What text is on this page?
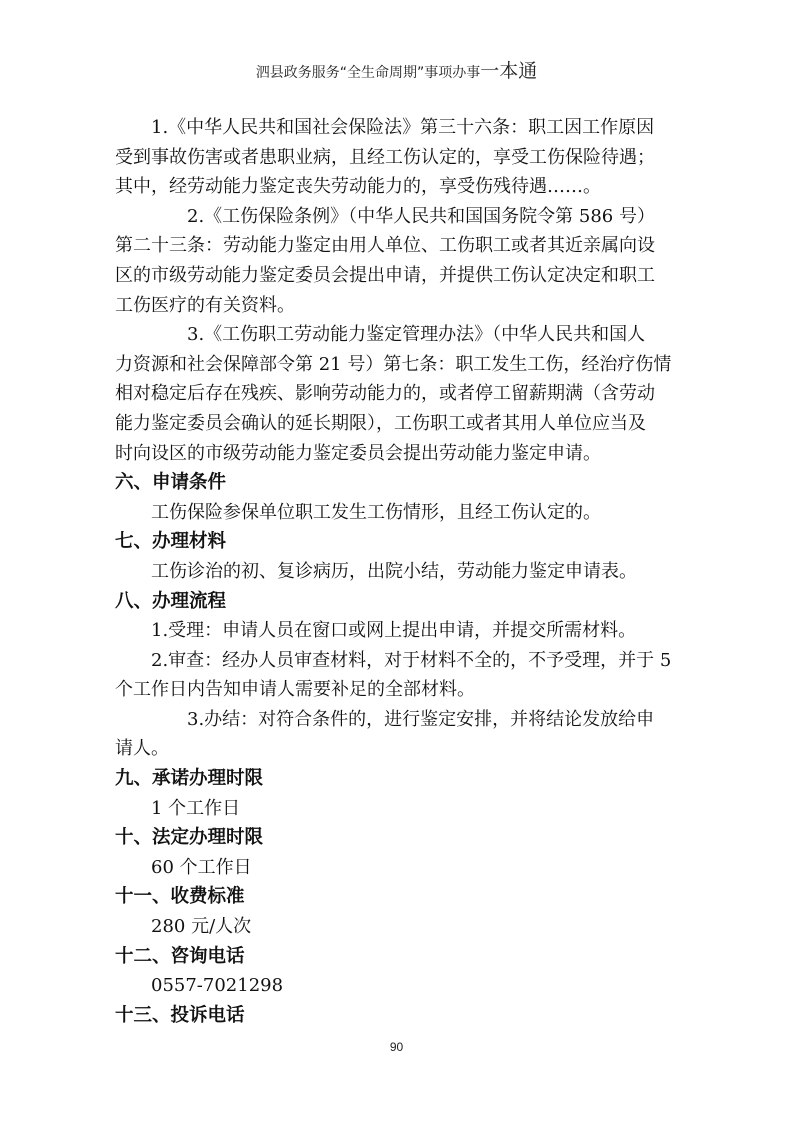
泗县政务服务“全生命周期”事项办事一本通
1.《中华人民共和国社会保险法》第三十六条：职工因工作原因
受到事故伤害或者患职业病，且经工伤认定的，享受工伤保险待遇；
其中，经劳动能力鉴定丧失劳动能力的，享受伤残待遇……。
2.《工伤保险条例》（中华人民共和国国务院令第 586 号）
第二十三条：劳动能力鉴定由用人单位、工伤职工或者其近亲属向设
区的市级劳动能力鉴定委员会提出申请，并提供工伤认定决定和职工
工伤医疗的有关资料。
3.《工伤职工劳动能力鉴定管理办法》（中华人民共和国人
力资源和社会保障部令第 21 号）第七条：职工发生工伤，经治疗伤情
相对稳定后存在残疾、影响劳动能力的，或者停工留薪期满（含劳动
能力鉴定委员会确认的延长期限），工伤职工或者其用人单位应当及
时向设区的市级劳动能力鉴定委员会提出劳动能力鉴定申请。
六、申请条件
工伤保险参保单位职工发生工伤情形，且经工伤认定的。
七、办理材料
工伤诊治的初、复诊病历，出院小结，劳动能力鉴定申请表。
八、办理流程
1.受理：申请人员在窗口或网上提出申请，并提交所需材料。
2.审查：经办人员审查材料，对于材料不全的，不予受理，并于 5
个工作日内告知申请人需要补足的全部材料。
3.办结：对符合条件的，进行鉴定安排，并将结论发放给申
请人。
九、承诺办理时限
1 个工作日
十、法定办理时限
60 个工作日
十一、收费标准
280 元/人次
十二、咨询电话
0557-7021298
十三、投诉电话
90
